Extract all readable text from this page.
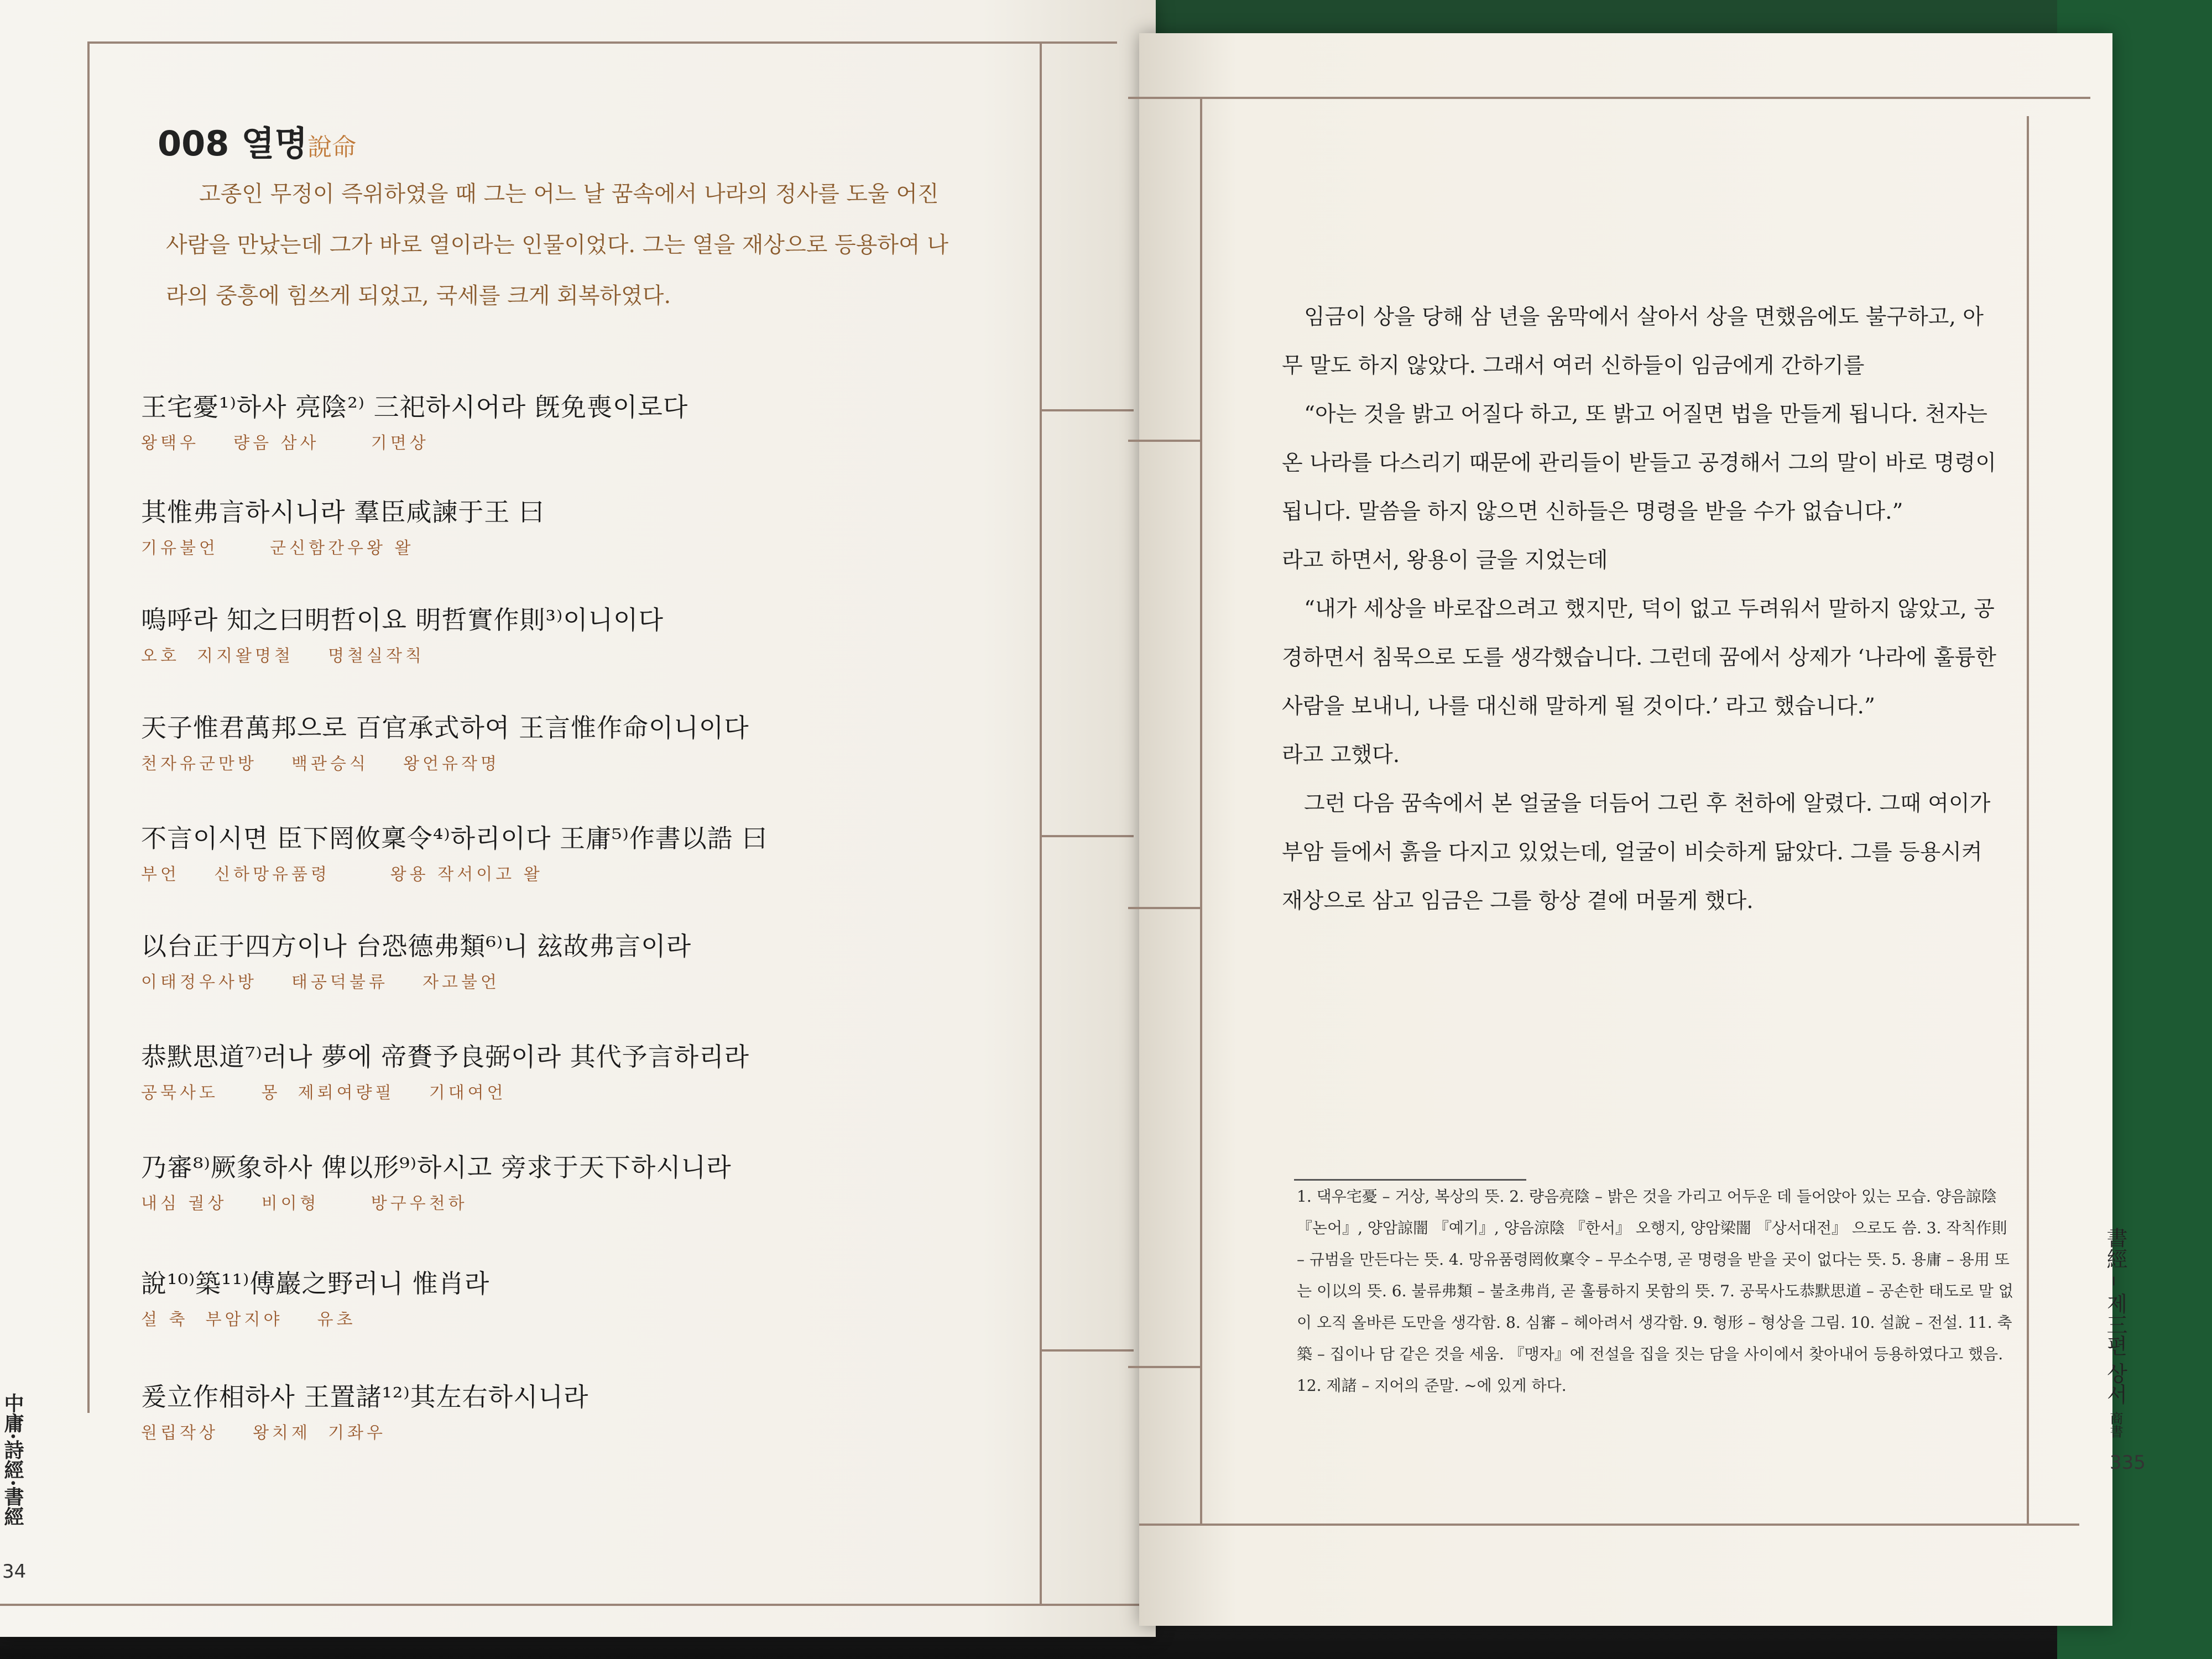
008 열명說命
고종인 무정이 즉위하였을 때 그는 어느 날 꿈속에서 나라의 정사를 도울 어진 사람을 만났는데 그가 바로 열이라는 인물이었다. 그는 열을 재상으로 등용하여 나라의 중흥에 힘쓰게 되었고, 국세를 크게 회복하였다.
王宅憂¹⁾하사 亮陰²⁾ 三祀하시어라 旣免喪이로다
왕택우    량음 삼사      기면상
其惟弗言하시니라 羣臣咸諫于王 曰
기유불언      군신함간우왕 왈
嗚呼라 知之曰明哲이요 明哲實作則³⁾이니이다
오호  지지왈명철    명철실작칙
天子惟君萬邦으로 百官承式하여 王言惟作命이니이다
천자유군만방    백관승식    왕언유작명
不言이시면 臣下罔攸稟令⁴⁾하리이다 王庸⁵⁾作書以誥 曰
부언    신하망유품령       왕용 작서이고 왈
以台正于四方이나 台恐德弗類⁶⁾니 玆故弗言이라
이태정우사방    태공덕불류    자고불언
恭默思道⁷⁾러나 夢에 帝賚予良弼이라 其代予言하리라
공묵사도     몽  제뢰여량필    기대여언
乃審⁸⁾厥象하사 俾以形⁹⁾하시고 旁求于天下하시니라
내심 궐상    비이형      방구우천하
說¹⁰⁾築¹¹⁾傅巖之野러니 惟肖라
설 축  부암지야    유초
爰立作相하사 王置諸¹²⁾其左右하시니라
원립작상    왕치제  기좌우
中庸·詩經·書經
34

임금이 상을 당해 삼 년을 움막에서 살아서 상을 면했음에도 불구하고, 아무 말도 하지 않았다. 그래서 여러 신하들이 임금에게 간하기를

“아는 것을 밝고 어질다 하고, 또 밝고 어질면 법을 만들게 됩니다. 천자는 온 나라를 다스리기 때문에 관리들이 받들고 공경해서 그의 말이 바로 명령이 됩니다. 말씀을 하지 않으면 신하들은 명령을 받을 수가 없습니다.”

라고 하면서, 왕용이 글을 지었는데

“내가 세상을 바로잡으려고 했지만, 덕이 없고 두려워서 말하지 않았고, 공경하면서 침묵으로 도를 생각했습니다. 그런데 꿈에서 상제가 ‘나라에 훌륭한 사람을 보내니, 나를 대신해 말하게 될 것이다.’ 라고 했습니다.”

라고 고했다.

그런 다음 꿈속에서 본 얼굴을 더듬어 그린 후 천하에 알렸다. 그때 여이가 부암 들에서 흙을 다지고 있었는데, 얼굴이 비슷하게 닮았다. 그를 등용시켜 재상으로 삼고 임금은 그를 항상 곁에 머물게 했다.

1. 댁우宅憂 – 거상, 복상의 뜻. 2. 량음亮陰 – 밝은 것을 가리고 어두운 데 들어앉아 있는 모습. 양음諒陰 『논어』, 양암諒闇 『예기』, 양음涼陰 『한서』 오행지, 양암梁闇 『상서대전』 으로도 씀. 3. 작칙作則 – 규범을 만든다는 뜻. 4. 망유품령罔攸稟令 – 무소수명, 곧 명령을 받을 곳이 없다는 뜻. 5. 용庸 – 용用 또는 이以의 뜻. 6. 불류弗類 – 불초弗肖, 곧 훌륭하지 못함의 뜻. 7. 공묵사도恭默思道 – 공손한 태도로 말 없이 오직 올바른 도만을 생각함. 8. 심審 – 헤아려서 생각함. 9. 형形 – 형상을 그림. 10. 설說 – 전설. 11. 축築 – 집이나 담 같은 것을 세움. 『맹자』에 전설을 집을 짓는 담을 사이에서 찾아내어 등용하였다고 했음. 12. 제諸 – 지어의 준말. ~에 있게 하다.	書經 – 제三편 상서 商書
335
